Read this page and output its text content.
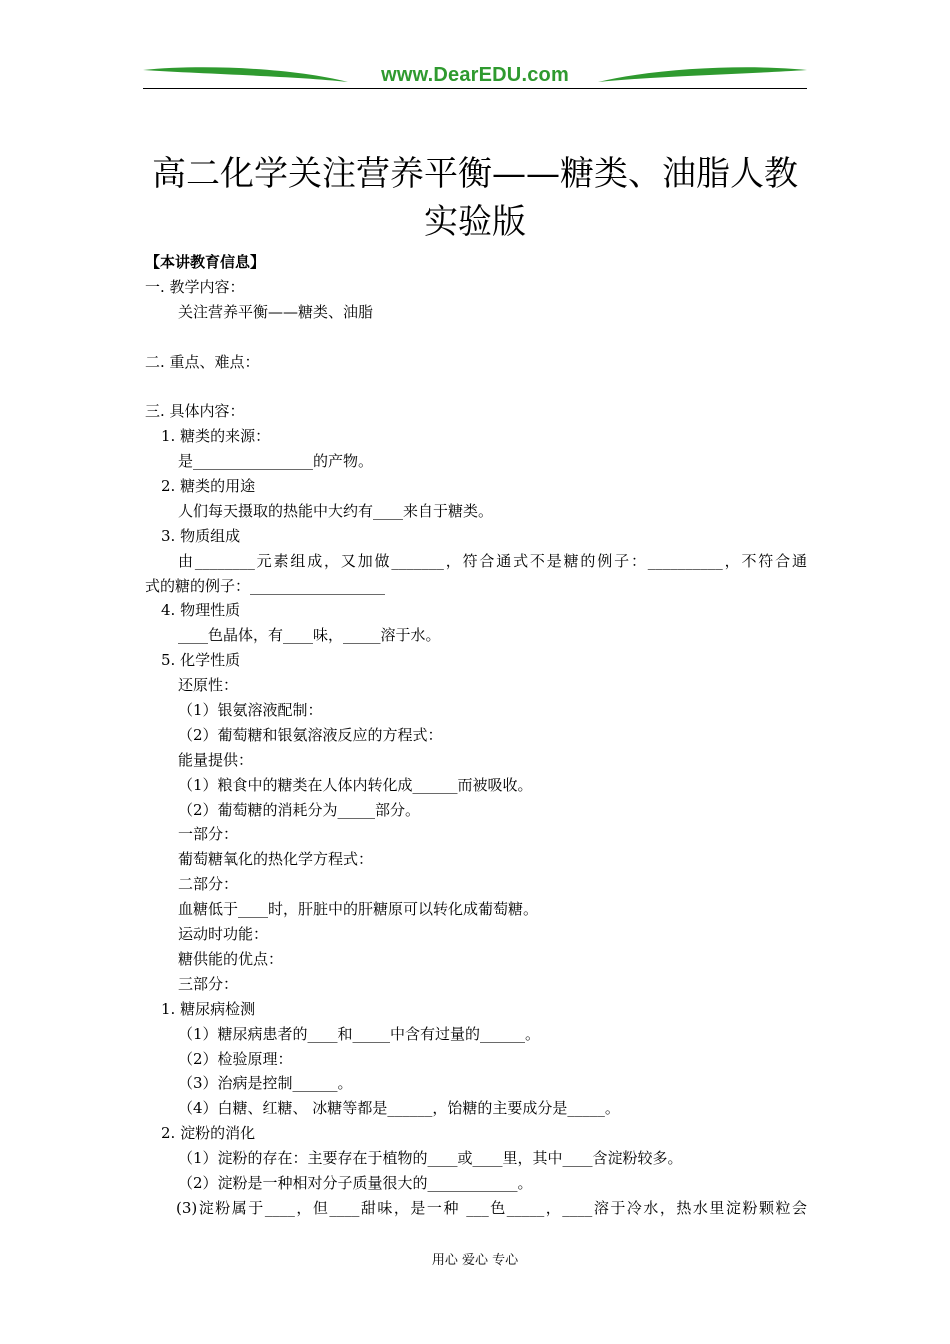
www.DearEDU.com
高二化学关注营养平衡——糖类、油脂人教
实验版
【本讲教育信息】
一. 教学内容：
关注营养平衡——糖类、油脂
二. 重点、难点：
三. 具体内容：
1. 糖类的来源：
是________________的产物。
2. 糖类的用途
人们每天摄取的热能中大约有____来自于糖类。
3. 物质组成
由________元素组成，又加做_______，符合通式不是糖的例子：__________，不符合通
式的糖的例子：__________________
4. 物理性质
____色晶体，有____味，_____溶于水。
5. 化学性质
还原性：
（1）银氨溶液配制：
（2）葡萄糖和银氨溶液反应的方程式：
能量提供：
（1）粮食中的糖类在人体内转化成______而被吸收。
（2）葡萄糖的消耗分为_____部分。
一部分：
葡萄糖氧化的热化学方程式：
二部分：
血糖低于____时，肝脏中的肝糖原可以转化成葡萄糖。
运动时功能：
糖供能的优点：
三部分：
1. 糖尿病检测
（1）糖尿病患者的____和_____中含有过量的______。
（2）检验原理：
（3）治病是控制______。
（4）白糖、红糖、 冰糖等都是______，饴糖的主要成分是_____。
2. 淀粉的消化
（1）淀粉的存在：主要存在于植物的____或____里，其中____含淀粉较多。
（2）淀粉是一种相对分子质量很大的____________。
(3)淀粉属于____，但____甜味，是一种 ___色_____，____溶于冷水，热水里淀粉颗粒会
用心 爱心 专心
